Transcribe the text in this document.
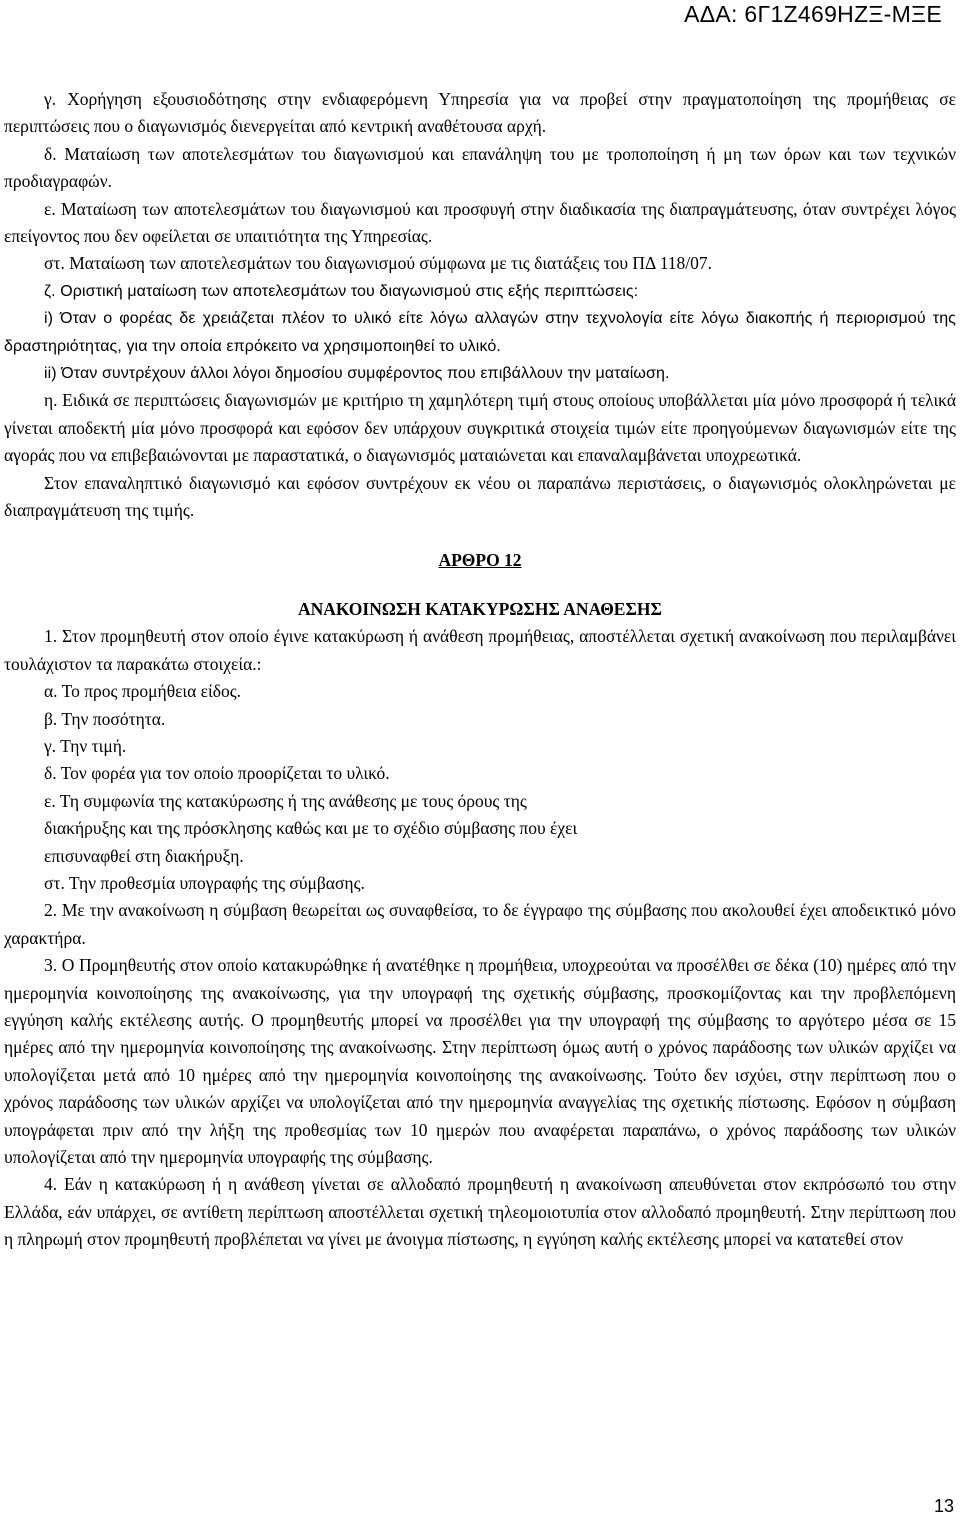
ΑΔΑ: 6Γ1Ζ469ΗΖΞ-ΜΞΕ

γ. Χορήγηση εξουσιοδότησης στην ενδιαφερόμενη Υπηρεσία για να προβεί στην πραγματοποίηση της προμήθειας σε περιπτώσεις που ο διαγωνισμός διενεργείται από κεντρική αναθέτουσα αρχή.

δ. Ματαίωση των αποτελεσμάτων του διαγωνισμού και επανάληψη του με τροποποίηση ή μη των όρων και των τεχνικών προδιαγραφών.

ε. Ματαίωση των αποτελεσμάτων του διαγωνισμού και προσφυγή στην διαδικασία της διαπραγμάτευσης, όταν συντρέχει λόγος επείγοντος που δεν οφείλεται σε υπαιτιότητα της Υπηρεσίας.

στ. Ματαίωση των αποτελεσμάτων του διαγωνισμού σύμφωνα με τις διατάξεις του ΠΔ 118/07.

ζ. Οριστική ματαίωση των αποτελεσμάτων του διαγωνισμού στις εξής περιπτώσεις:

i) Όταν ο φορέας δε χρειάζεται πλέον το υλικό είτε λόγω αλλαγών στην τεχνολογία είτε λόγω διακοπής ή περιορισμού της δραστηριότητας, για την οποία επρόκειτο να χρησιμοποιηθεί το υλικό.

ii) Όταν συντρέχουν άλλοι λόγοι δημοσίου συμφέροντος που επιβάλλουν την ματαίωση.

η. Ειδικά σε περιπτώσεις διαγωνισμών με κριτήριο τη χαμηλότερη τιμή στους οποίους υποβάλλεται μία μόνο προσφορά ή τελικά γίνεται αποδεκτή μία μόνο προσφορά και εφόσον δεν υπάρχουν συγκριτικά στοιχεία τιμών είτε προηγούμενων διαγωνισμών είτε της αγοράς που να επιβεβαιώνονται με παραστατικά, ο διαγωνισμός ματαιώνεται και επαναλαμβάνεται υποχρεωτικά.

Στον επαναληπτικό διαγωνισμό και εφόσον συντρέχουν εκ νέου οι παραπάνω περιστάσεις, ο διαγωνισμός ολοκληρώνεται με διαπραγμάτευση της τιμής.

ΑΡΘΡΟ 12

ΑΝΑΚΟΙΝΩΣΗ ΚΑΤΑΚΥΡΩΣΗΣ ΑΝΑΘΕΣΗΣ

1. Στον προμηθευτή στον οποίο έγινε κατακύρωση ή ανάθεση προμήθειας, αποστέλλεται σχετική ανακοίνωση που περιλαμβάνει τουλάχιστον τα παρακάτω στοιχεία.:

α. Το προς προμήθεια είδος.

β. Την ποσότητα.

γ. Την τιμή.

δ. Τον φορέα για τον οποίο προορίζεται το υλικό.

ε. Τη συμφωνία της κατακύρωσης ή της ανάθεσης με τους όρους της διακήρυξης και της πρόσκλησης καθώς και με το σχέδιο σύμβασης που έχει επισυναφθεί στη διακήρυξη.

στ. Την προθεσμία υπογραφής της σύμβασης.

2. Με την ανακοίνωση η σύμβαση θεωρείται ως συναφθείσα, το δε έγγραφο της σύμβασης που ακολουθεί έχει αποδεικτικό μόνο χαρακτήρα.

3. Ο Προμηθευτής στον οποίο κατακυρώθηκε ή ανατέθηκε η προμήθεια, υποχρεούται να προσέλθει σε δέκα (10) ημέρες από την ημερομηνία κοινοποίησης της ανακοίνωσης, για την υπογραφή της σχετικής σύμβασης, προσκομίζοντας και την προβλεπόμενη εγγύηση καλής εκτέλεσης αυτής. Ο προμηθευτής μπορεί να προσέλθει για την υπογραφή της σύμβασης το αργότερο μέσα σε 15 ημέρες από την ημερομηνία κοινοποίησης της ανακοίνωσης. Στην περίπτωση όμως αυτή ο χρόνος παράδοσης των υλικών αρχίζει να υπολογίζεται μετά από 10 ημέρες από την ημερομηνία κοινοποίησης της ανακοίνωσης. Τούτο δεν ισχύει, στην περίπτωση που ο χρόνος παράδοσης των υλικών αρχίζει να υπολογίζεται από την ημερομηνία αναγγελίας της σχετικής πίστωσης. Εφόσον η σύμβαση υπογράφεται πριν από την λήξη της προθεσμίας των 10 ημερών που αναφέρεται παραπάνω, ο χρόνος παράδοσης των υλικών υπολογίζεται από την ημερομηνία υπογραφής της σύμβασης.

4. Εάν η κατακύρωση ή η ανάθεση γίνεται σε αλλοδαπό προμηθευτή η ανακοίνωση απευθύνεται στον εκπρόσωπό του στην Ελλάδα, εάν υπάρχει, σε αντίθετη περίπτωση αποστέλλεται σχετική τηλεομοιοτυπία στον αλλοδαπό προμηθευτή. Στην περίπτωση που η πληρωμή στον προμηθευτή προβλέπεται να γίνει με άνοιγμα πίστωσης, η εγγύηση καλής εκτέλεσης μπορεί να κατατεθεί στον

13
